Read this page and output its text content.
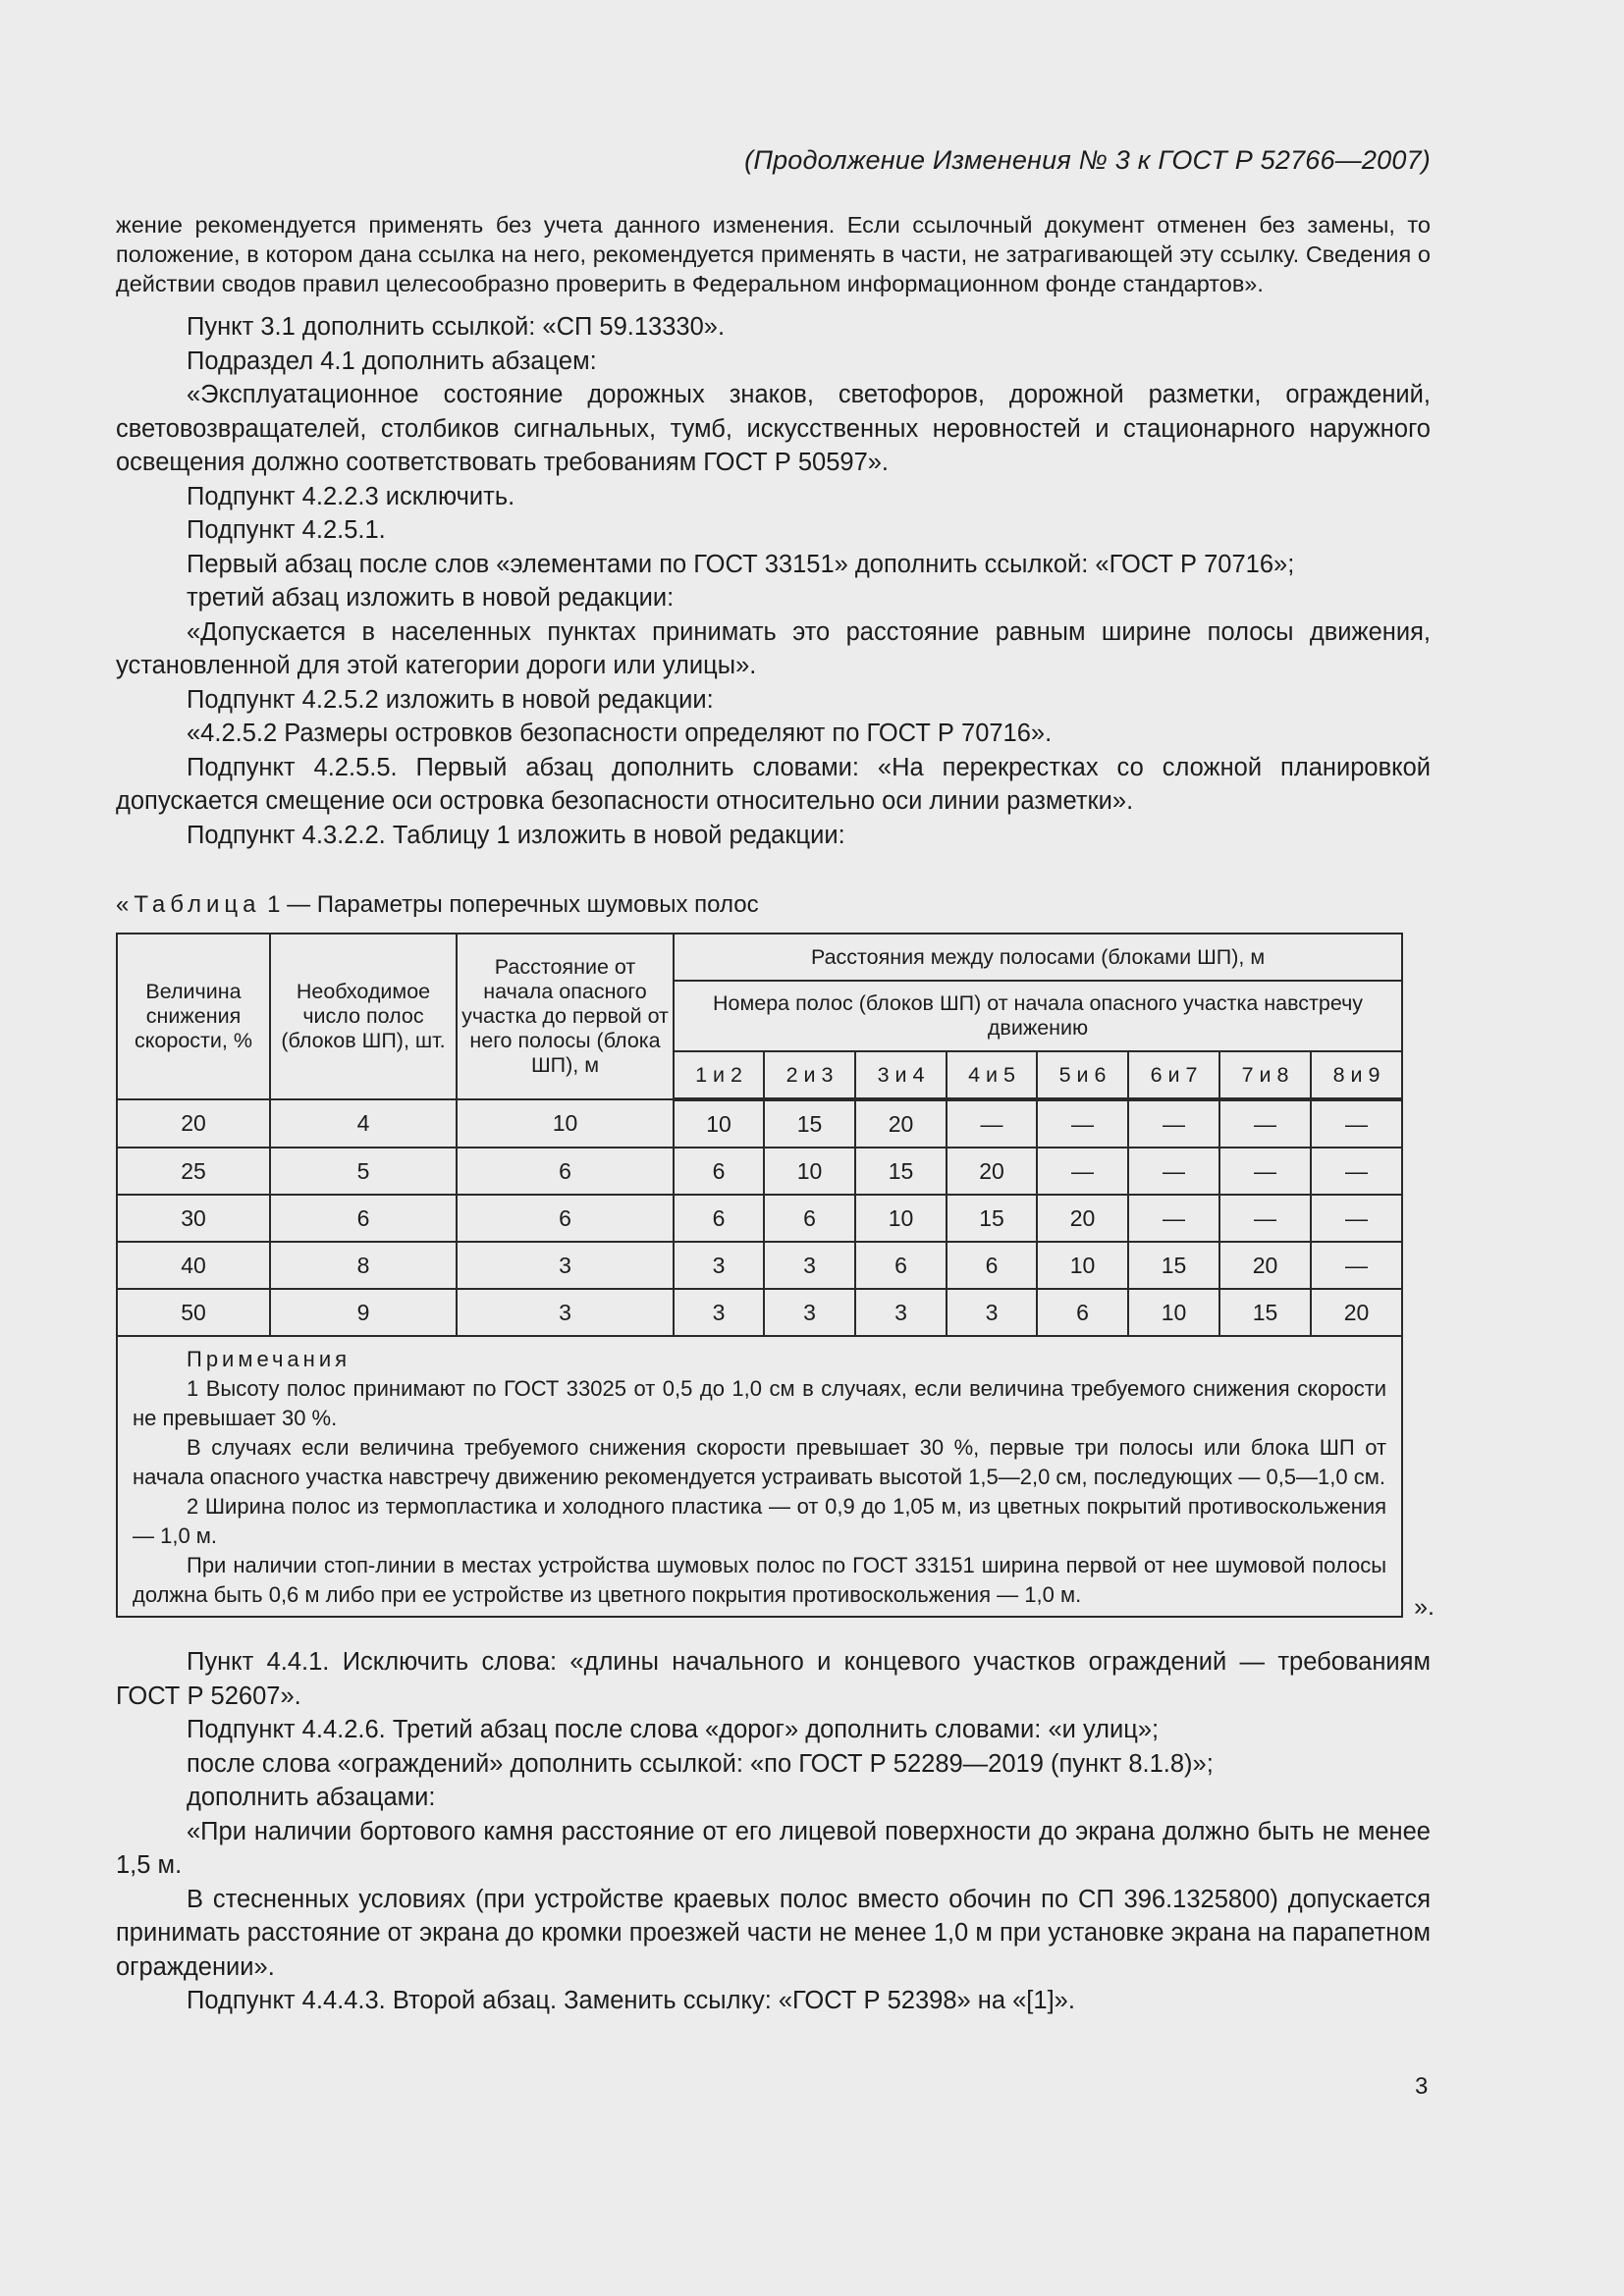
(Продолжение Изменения № 3 к ГОСТ Р 52766—2007)

жение рекомендуется применять без учета данного изменения. Если ссылочный документ отменен без замены, то положение, в котором дана ссылка на него, рекомендуется применять в части, не затрагивающей эту ссылку. Сведения о действии сводов правил целесообразно проверить в Федеральном информационном фонде стандартов».

Пункт 3.1 дополнить ссылкой: «СП 59.13330».

Подраздел 4.1 дополнить абзацем:

«Эксплуатационное состояние дорожных знаков, светофоров, дорожной разметки, ограждений, световозвращателей, столбиков сигнальных, тумб, искусственных неровностей и стационарного наружного освещения должно соответствовать требованиям ГОСТ Р 50597».

Подпункт 4.2.2.3 исключить.

Подпункт 4.2.5.1.

Первый абзац после слов «элементами по ГОСТ 33151» дополнить ссылкой: «ГОСТ Р 70716»;

третий абзац изложить в новой редакции:

«Допускается в населенных пунктах принимать это расстояние равным ширине полосы движения, установленной для этой категории дороги или улицы».

Подпункт 4.2.5.2 изложить в новой редакции:

«4.2.5.2 Размеры островков безопасности определяют по ГОСТ Р 70716».

Подпункт 4.2.5.5. Первый абзац дополнить словами: «На перекрестках со сложной планировкой допускается смещение оси островка безопасности относительно оси линии разметки».

Подпункт 4.3.2.2. Таблицу 1 изложить в новой редакции:

«Таблица 1 — Параметры поперечных шумовых полос
Величина снижения скорости, %	Необходимое число полос (блоков ШП), шт.	Расстояние от начала опасного участка до первой от него полосы (блока ШП), м	Расстояния между полосами (блоками ШП), м							
			Номера полос (блоков ШП) от начала опасного участка навстречу движению							
			1 и 2	2 и 3	3 и 4	4 и 5	5 и 6	6 и 7	7 и 8	8 и 9
20	4	10	10	15	20	—	—	—	—	—
25	5	6	6	10	15	20	—	—	—	—
30	6	6	6	6	10	15	20	—	—	—
40	8	3	3	3	6	6	10	15	20	—
50	9	3	3	3	3	3	6	10	15	20

Примечания
1 Высоту полос принимают по ГОСТ 33025 от 0,5 до 1,0 см в случаях, если величина требуемого снижения скорости не превышает 30 %.
В случаях если величина требуемого снижения скорости превышает 30 %, первые три полосы или блока ШП от начала опасного участка навстречу движению рекомендуется устраивать высотой 1,5—2,0 см, последующих — 0,5—1,0 см.
2 Ширина полос из термопластика и холодного пластика — от 0,9 до 1,05 м, из цветных покрытий противоскольжения — 1,0 м.
При наличии стоп-линии в местах устройства шумовых полос по ГОСТ 33151 ширина первой от нее шумовой полосы должна быть 0,6 м либо при ее устройстве из цветного покрытия противоскольжения — 1,0 м.											».

Пункт 4.4.1. Исключить слова: «длины начального и концевого участков ограждений — требованиям ГОСТ Р 52607».

Подпункт 4.4.2.6. Третий абзац после слова «дорог» дополнить словами: «и улиц»;

после слова «ограждений» дополнить ссылкой: «по ГОСТ Р 52289—2019 (пункт 8.1.8)»;

дополнить абзацами:

«При наличии бортового камня расстояние от его лицевой поверхности до экрана должно быть не менее 1,5 м.

В стесненных условиях (при устройстве краевых полос вместо обочин по СП 396.1325800) допускается принимать расстояние от экрана до кромки проезжей части не менее 1,0 м при установке экрана на парапетном ограждении».

Подпункт 4.4.4.3. Второй абзац. Заменить ссылку: «ГОСТ Р 52398» на «[1]».

3
